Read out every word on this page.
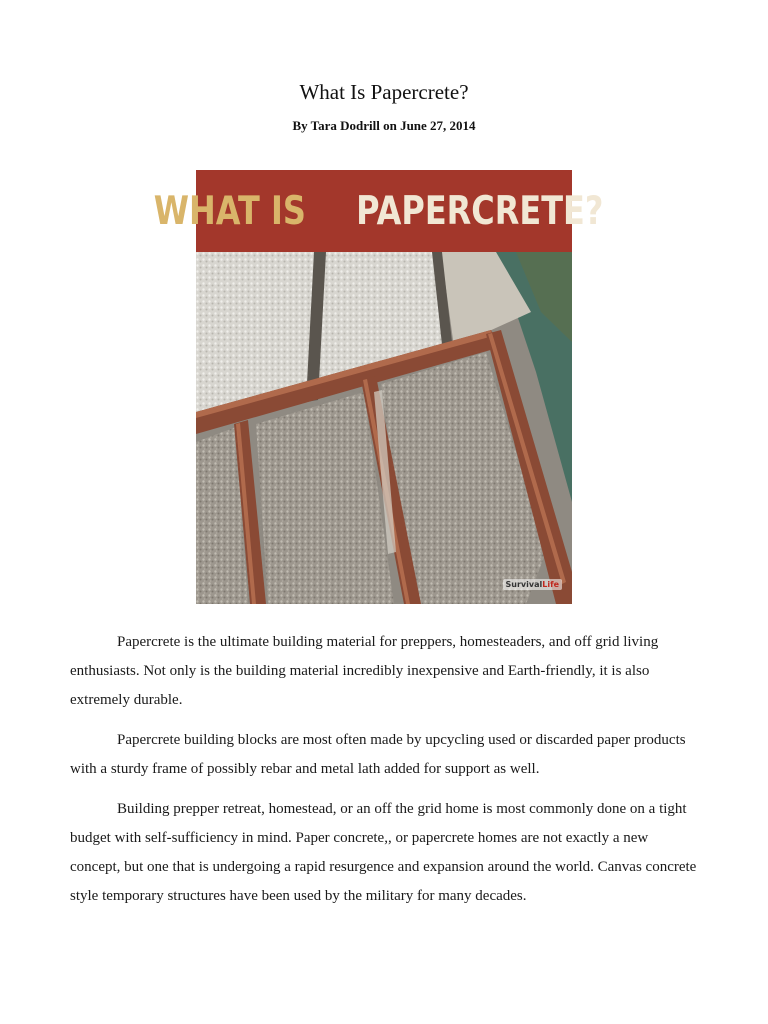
What Is Papercrete?
By Tara Dodrill on June 27, 2014
WHAT IS PAPERCRETE?
SurvivalLife

Papercrete is the ultimate building material for preppers, homesteaders, and off grid living enthusiasts. Not only is the building material incredibly inexpensive and Earth-friendly, it is also extremely durable.

Papercrete building blocks are most often made by upcycling used or discarded paper products with a sturdy frame of possibly rebar and metal lath added for support as well.

Building prepper retreat, homestead, or an off the grid home is most commonly done on a tight budget with self-sufficiency in mind. Paper concrete,, or papercrete homes are not exactly a new concept, but one that is undergoing a rapid resurgence and expansion around the world. Canvas concrete style temporary structures have been used by the military for many decades.
